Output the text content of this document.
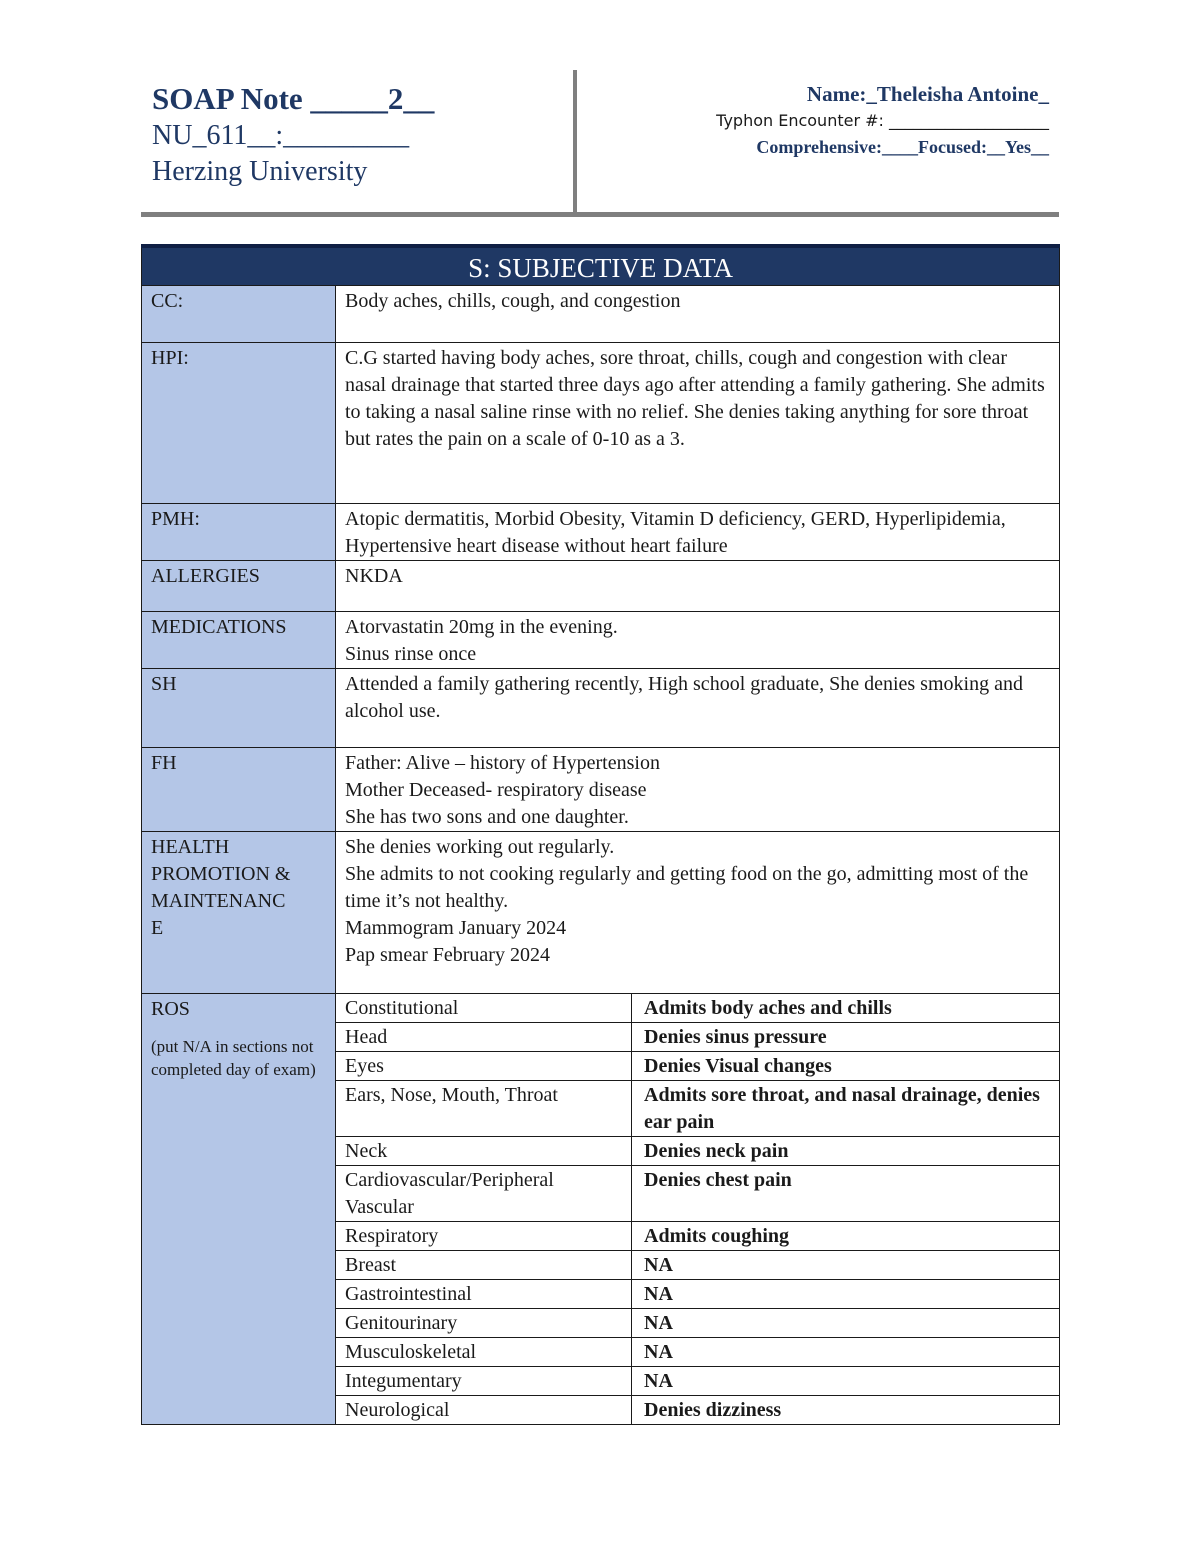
SOAP Note _____2__
NU_611__:_________
Herzing University
Name:_Theleisha Antoine_
Typhon Encounter #: ____________________
Comprehensive:____Focused:__Yes__
S: SUBJECTIVE DATA		
CC:	Body aches, chills, cough, and congestion	
HPI:	C.G started having body aches, sore throat, chills, cough and congestion with clear nasal drainage that started three days ago after attending a family gathering. She admits to taking a nasal saline rinse with no relief. She denies taking anything for sore throat but rates the pain on a scale of 0-10 as a 3.	
PMH:	Atopic dermatitis, Morbid Obesity, Vitamin D deficiency, GERD, Hyperlipidemia, Hypertensive heart disease without heart failure	
ALLERGIES	NKDA	
MEDICATIONS	Atorvastatin 20mg in the evening.
Sinus rinse once	

SH	Attended a family gathering recently, High school graduate, She denies smoking and alcohol use.	
FH	Father: Alive – history of Hypertension
Mother Deceased- respiratory disease
She has two sons and one daughter.	

HEALTH
PROMOTION &
MAINTENANC
E	She denies working out regularly.
She admits to not cooking regularly and getting food on the go, admitting most of the time it’s not healthy.
Mammogram January 2024
Pap smear February 2024	

ROS
(put N/A in sections not completed day of exam)	Constitutional	Admits body aches and chills
	Head	Denies sinus pressure
	Eyes	Denies Visual changes
	Ears, Nose, Mouth, Throat	Admits sore throat, and nasal drainage, denies ear pain
	Neck	Denies neck pain
	Cardiovascular/Peripheral Vascular	Denies chest pain
	Respiratory	Admits coughing
	Breast	NA
	Gastrointestinal	NA
	Genitourinary	NA
	Musculoskeletal	NA
	Integumentary	NA
	Neurological	Denies dizziness
